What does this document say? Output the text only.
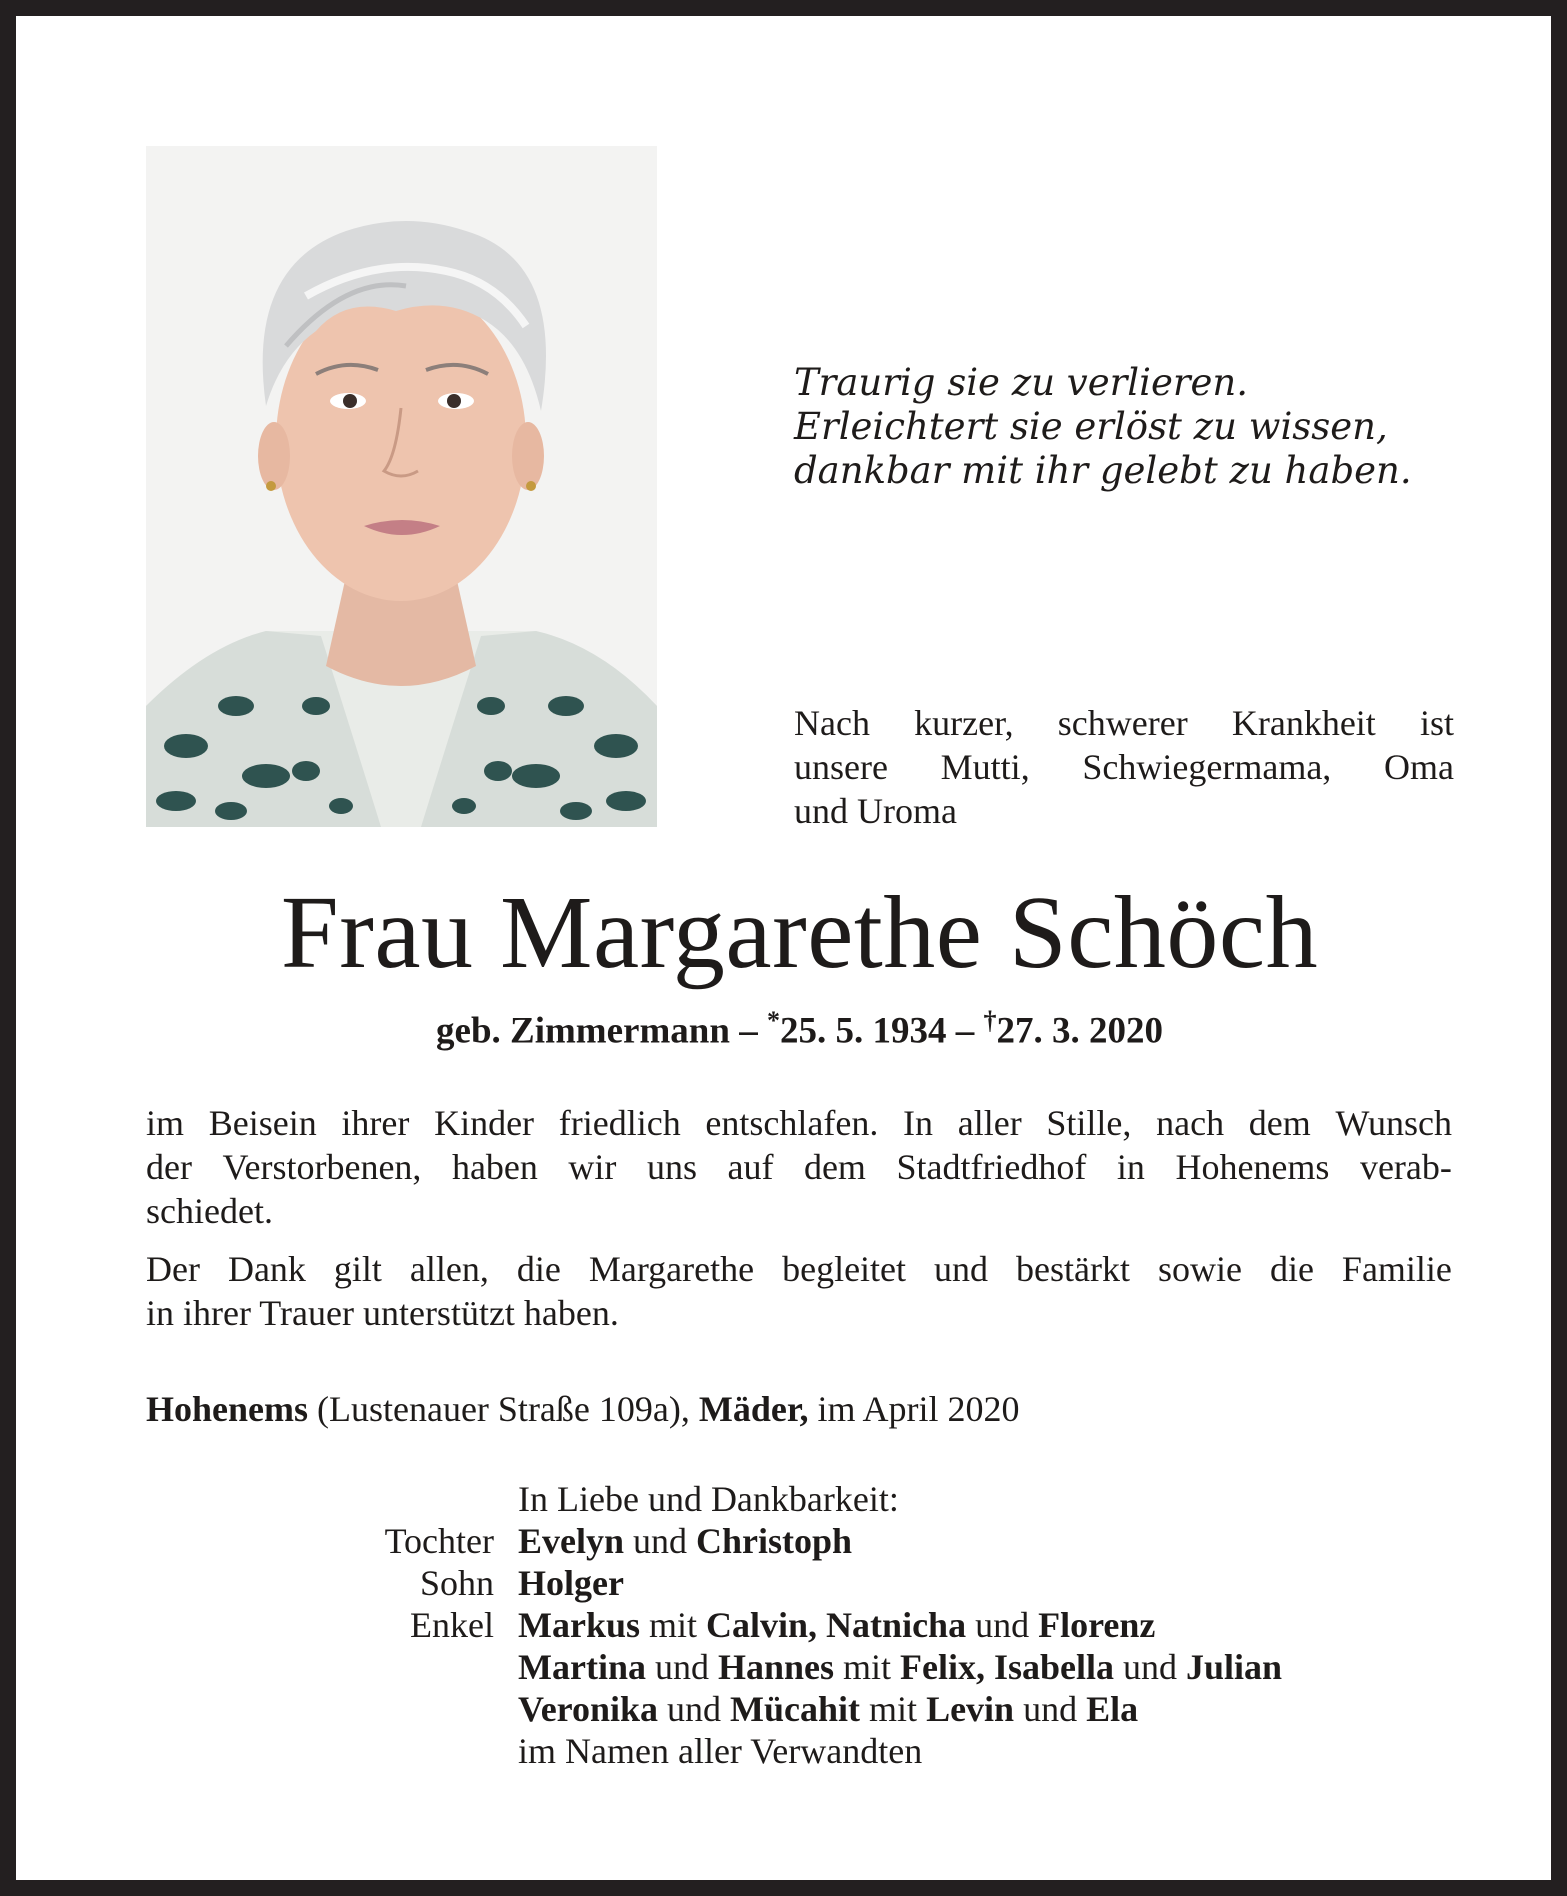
Traurig sie zu verlieren.
Erleichtert sie erlöst zu wissen,
dankbar mit ihr gelebt zu haben.
Nach kurzer, schwerer Krankheit ist
unsere Mutti, Schwiegermama, Oma
und Uroma
Frau Margarethe Schöch
geb. Zimmermann – *25. 5. 1934 – †27. 3. 2020

im Beisein ihrer Kinder friedlich entschlafen. In aller Stille, nach dem Wunsch
der Verstorbenen, haben wir uns auf dem Stadtfriedhof in Hohenems verab-
schiedet.

Der Dank gilt allen, die Margarethe begleitet und bestärkt sowie die Familie
in ihrer Trauer unterstützt haben.

Hohenems (Lustenauer Straße 109a), Mäder, im April 2020
In Liebe und Dankbarkeit:
Tochter Evelyn und Christoph
Sohn Holger
Enkel Markus mit Calvin, Natnicha und Florenz
Martina und Hannes mit Felix, Isabella und Julian
Veronika und Mücahit mit Levin und Ela
im Namen aller Verwandten
